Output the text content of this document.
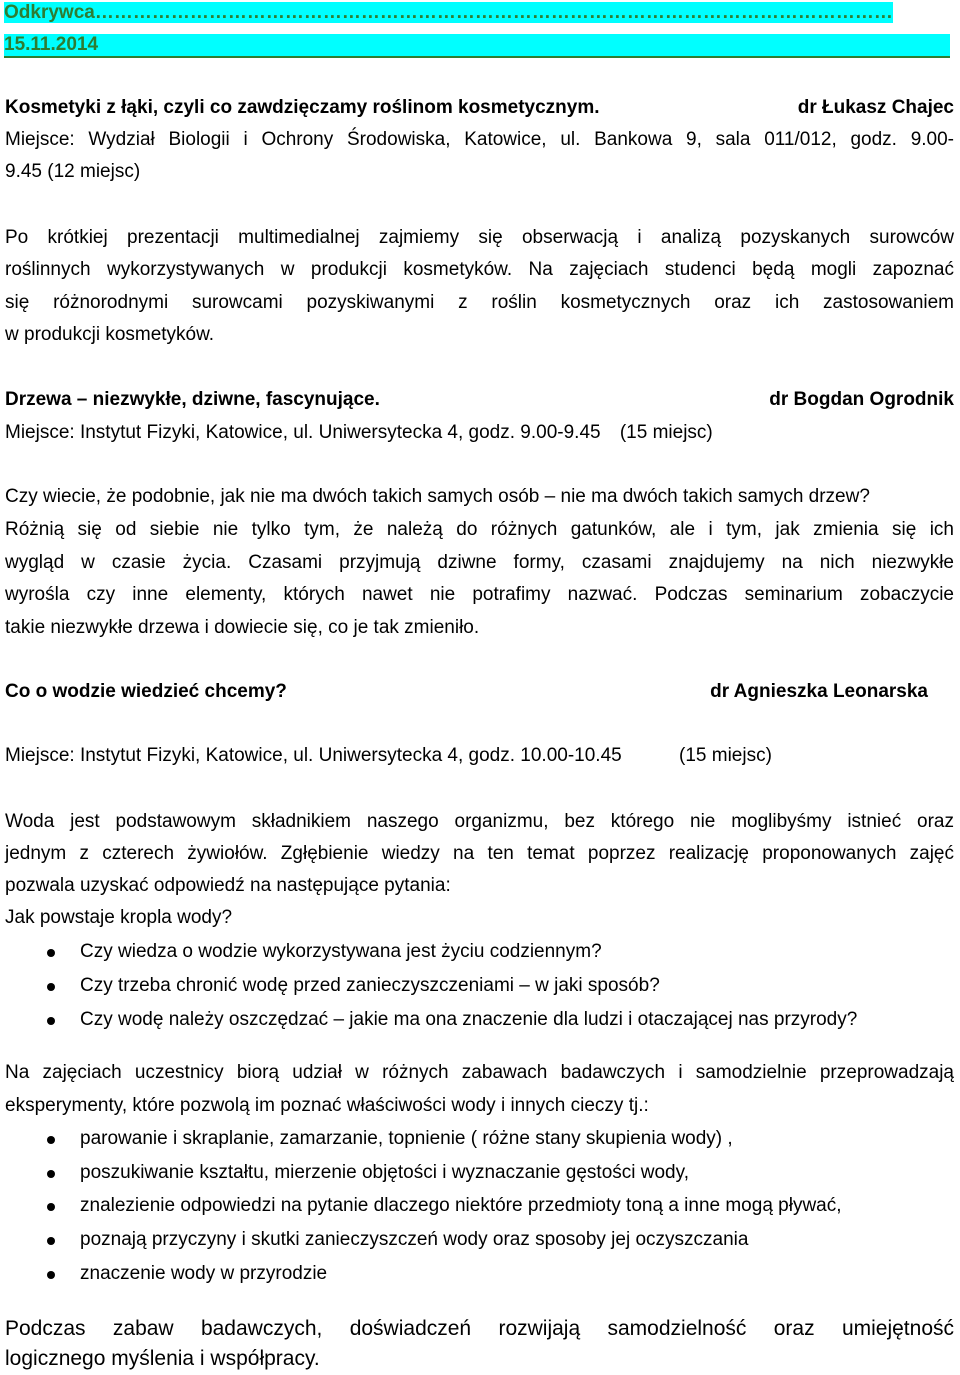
Odkrywca………………………………………………………………………………………………………………
15.11.2014
Kosmetyki z łąki, czyli co zawdzięczamy roślinom kosmetycznym.	dr Łukasz Chajec
Miejsce: Wydział Biologii i Ochrony Środowiska, Katowice, ul. Bankowa 9, sala 011/012, godz. 9.00-
9.45 (12 miejsc)
Po krótkiej prezentacji multimedialnej zajmiemy się obserwacją i analizą pozyskanych surowców
roślinnych wykorzystywanych w produkcji kosmetyków. Na zajęciach studenci będą mogli zapoznać
się różnorodnymi surowcami pozyskiwanymi z roślin kosmetycznych oraz ich zastosowaniem
w produkcji kosmetyków.
Drzewa – niezwykłe, dziwne, fascynujące.	dr Bogdan Ogrodnik
Miejsce: Instytut Fizyki, Katowice, ul. Uniwersytecka 4, godz. 9.00-9.45 (15 miejsc)
Czy wiecie, że podobnie, jak nie ma dwóch takich samych osób – nie ma dwóch takich samych drzew?
Różnią się od siebie nie tylko tym, że należą do różnych gatunków, ale i tym, jak zmienia się ich
wygląd w czasie życia. Czasami przyjmują dziwne formy, czasami znajdujemy na nich niezwykłe
wyrośla czy inne elementy, których nawet nie potrafimy nazwać. Podczas seminarium zobaczycie
takie niezwykłe drzewa i dowiecie się, co je tak zmieniło.
Co o wodzie wiedzieć chcemy?	dr Agnieszka Leonarska
Miejsce: Instytut Fizyki, Katowice, ul. Uniwersytecka 4, godz. 10.00-10.45	(15 miejsc)
Woda jest podstawowym składnikiem naszego organizmu, bez którego nie moglibyśmy istnieć oraz
jednym z czterech żywiołów. Zgłębienie wiedzy na ten temat poprzez realizację proponowanych zajęć
pozwala uzyskać odpowiedź na następujące pytania:
Jak powstaje kropla wody?
Czy wiedza o wodzie wykorzystywana jest życiu codziennym?
Czy trzeba chronić wodę przed zanieczyszczeniami – w jaki sposób?
Czy wodę należy oszczędzać – jakie ma ona znaczenie dla ludzi i otaczającej nas przyrody?
Na zajęciach uczestnicy biorą udział w różnych zabawach badawczych i samodzielnie przeprowadzają
eksperymenty, które pozwolą im poznać właściwości wody i innych cieczy tj.:
parowanie i skraplanie, zamarzanie, topnienie ( różne stany skupienia wody) ,
poszukiwanie kształtu, mierzenie objętości i wyznaczanie gęstości wody,
znalezienie odpowiedzi na pytanie dlaczego niektóre przedmioty toną a inne mogą pływać,
poznają przyczyny i skutki zanieczyszczeń wody oraz sposoby jej oczyszczania
znaczenie wody w przyrodzie
Podczas zabaw badawczych, doświadczeń rozwijają samodzielność oraz umiejętność
logicznego myślenia i współpracy.
